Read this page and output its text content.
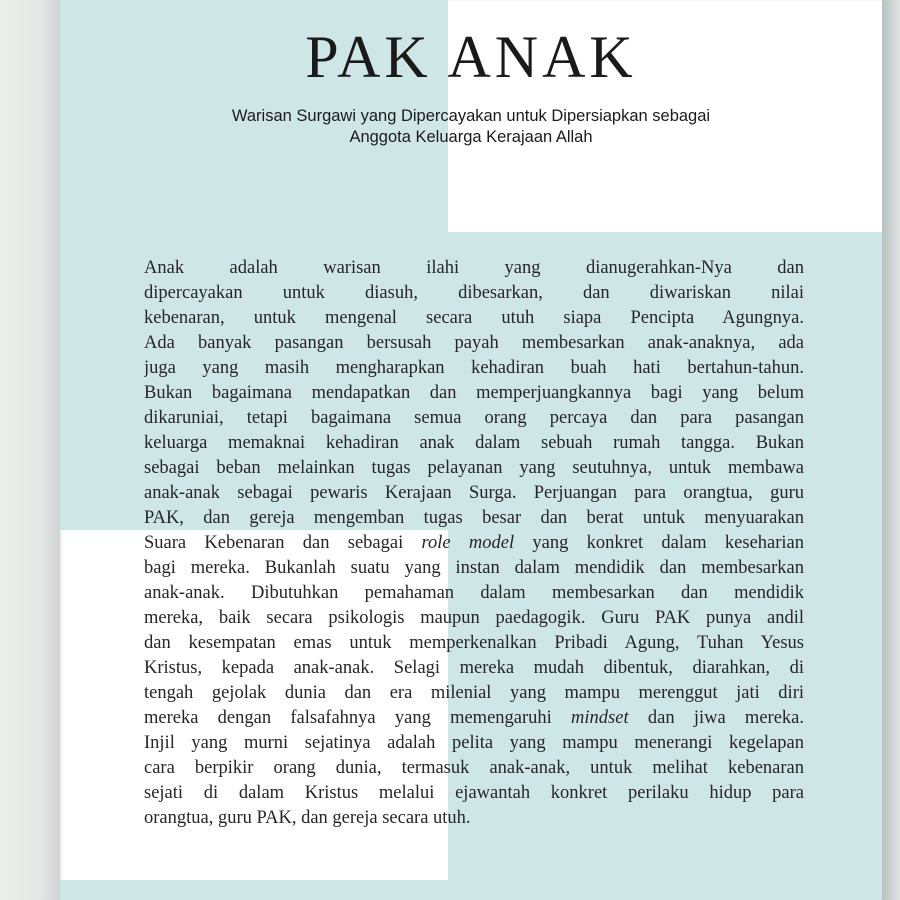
PAK ANAK
Warisan Surgawi yang Dipercayakan untuk Dipersiapkan sebagai
Anggota Keluarga Kerajaan Allah
Anak adalah warisan ilahi yang dianugerahkan-Nya dan
dipercayakan untuk diasuh, dibesarkan, dan diwariskan nilai
kebenaran, untuk mengenal secara utuh siapa Pencipta Agungnya.
Ada banyak pasangan bersusah payah membesarkan anak-anaknya, ada
juga yang masih mengharapkan kehadiran buah hati bertahun-tahun.
Bukan bagaimana mendapatkan dan memperjuangkannya bagi yang belum
dikaruniai, tetapi bagaimana semua orang percaya dan para pasangan
keluarga memaknai kehadiran anak dalam sebuah rumah tangga. Bukan
sebagai beban melainkan tugas pelayanan yang seutuhnya, untuk membawa
anak-anak sebagai pewaris Kerajaan Surga. Perjuangan para orangtua, guru
PAK, dan gereja mengemban tugas besar dan berat untuk menyuarakan
Suara Kebenaran dan sebagai role model yang konkret dalam keseharian
bagi mereka. Bukanlah suatu yang instan dalam mendidik dan membesarkan
anak-anak. Dibutuhkan pemahaman dalam membesarkan dan mendidik
mereka, baik secara psikologis maupun paedagogik. Guru PAK punya andil
dan kesempatan emas untuk memperkenalkan Pribadi Agung, Tuhan Yesus
Kristus, kepada anak-anak. Selagi mereka mudah dibentuk, diarahkan, di
tengah gejolak dunia dan era milenial yang mampu merenggut jati diri
mereka dengan falsafahnya yang memengaruhi mindset dan jiwa mereka.
Injil yang murni sejatinya adalah pelita yang mampu menerangi kegelapan
cara berpikir orang dunia, termasuk anak-anak, untuk melihat kebenaran
sejati di dalam Kristus melalui ejawantah konkret perilaku hidup para
orangtua, guru PAK, dan gereja secara utuh.
